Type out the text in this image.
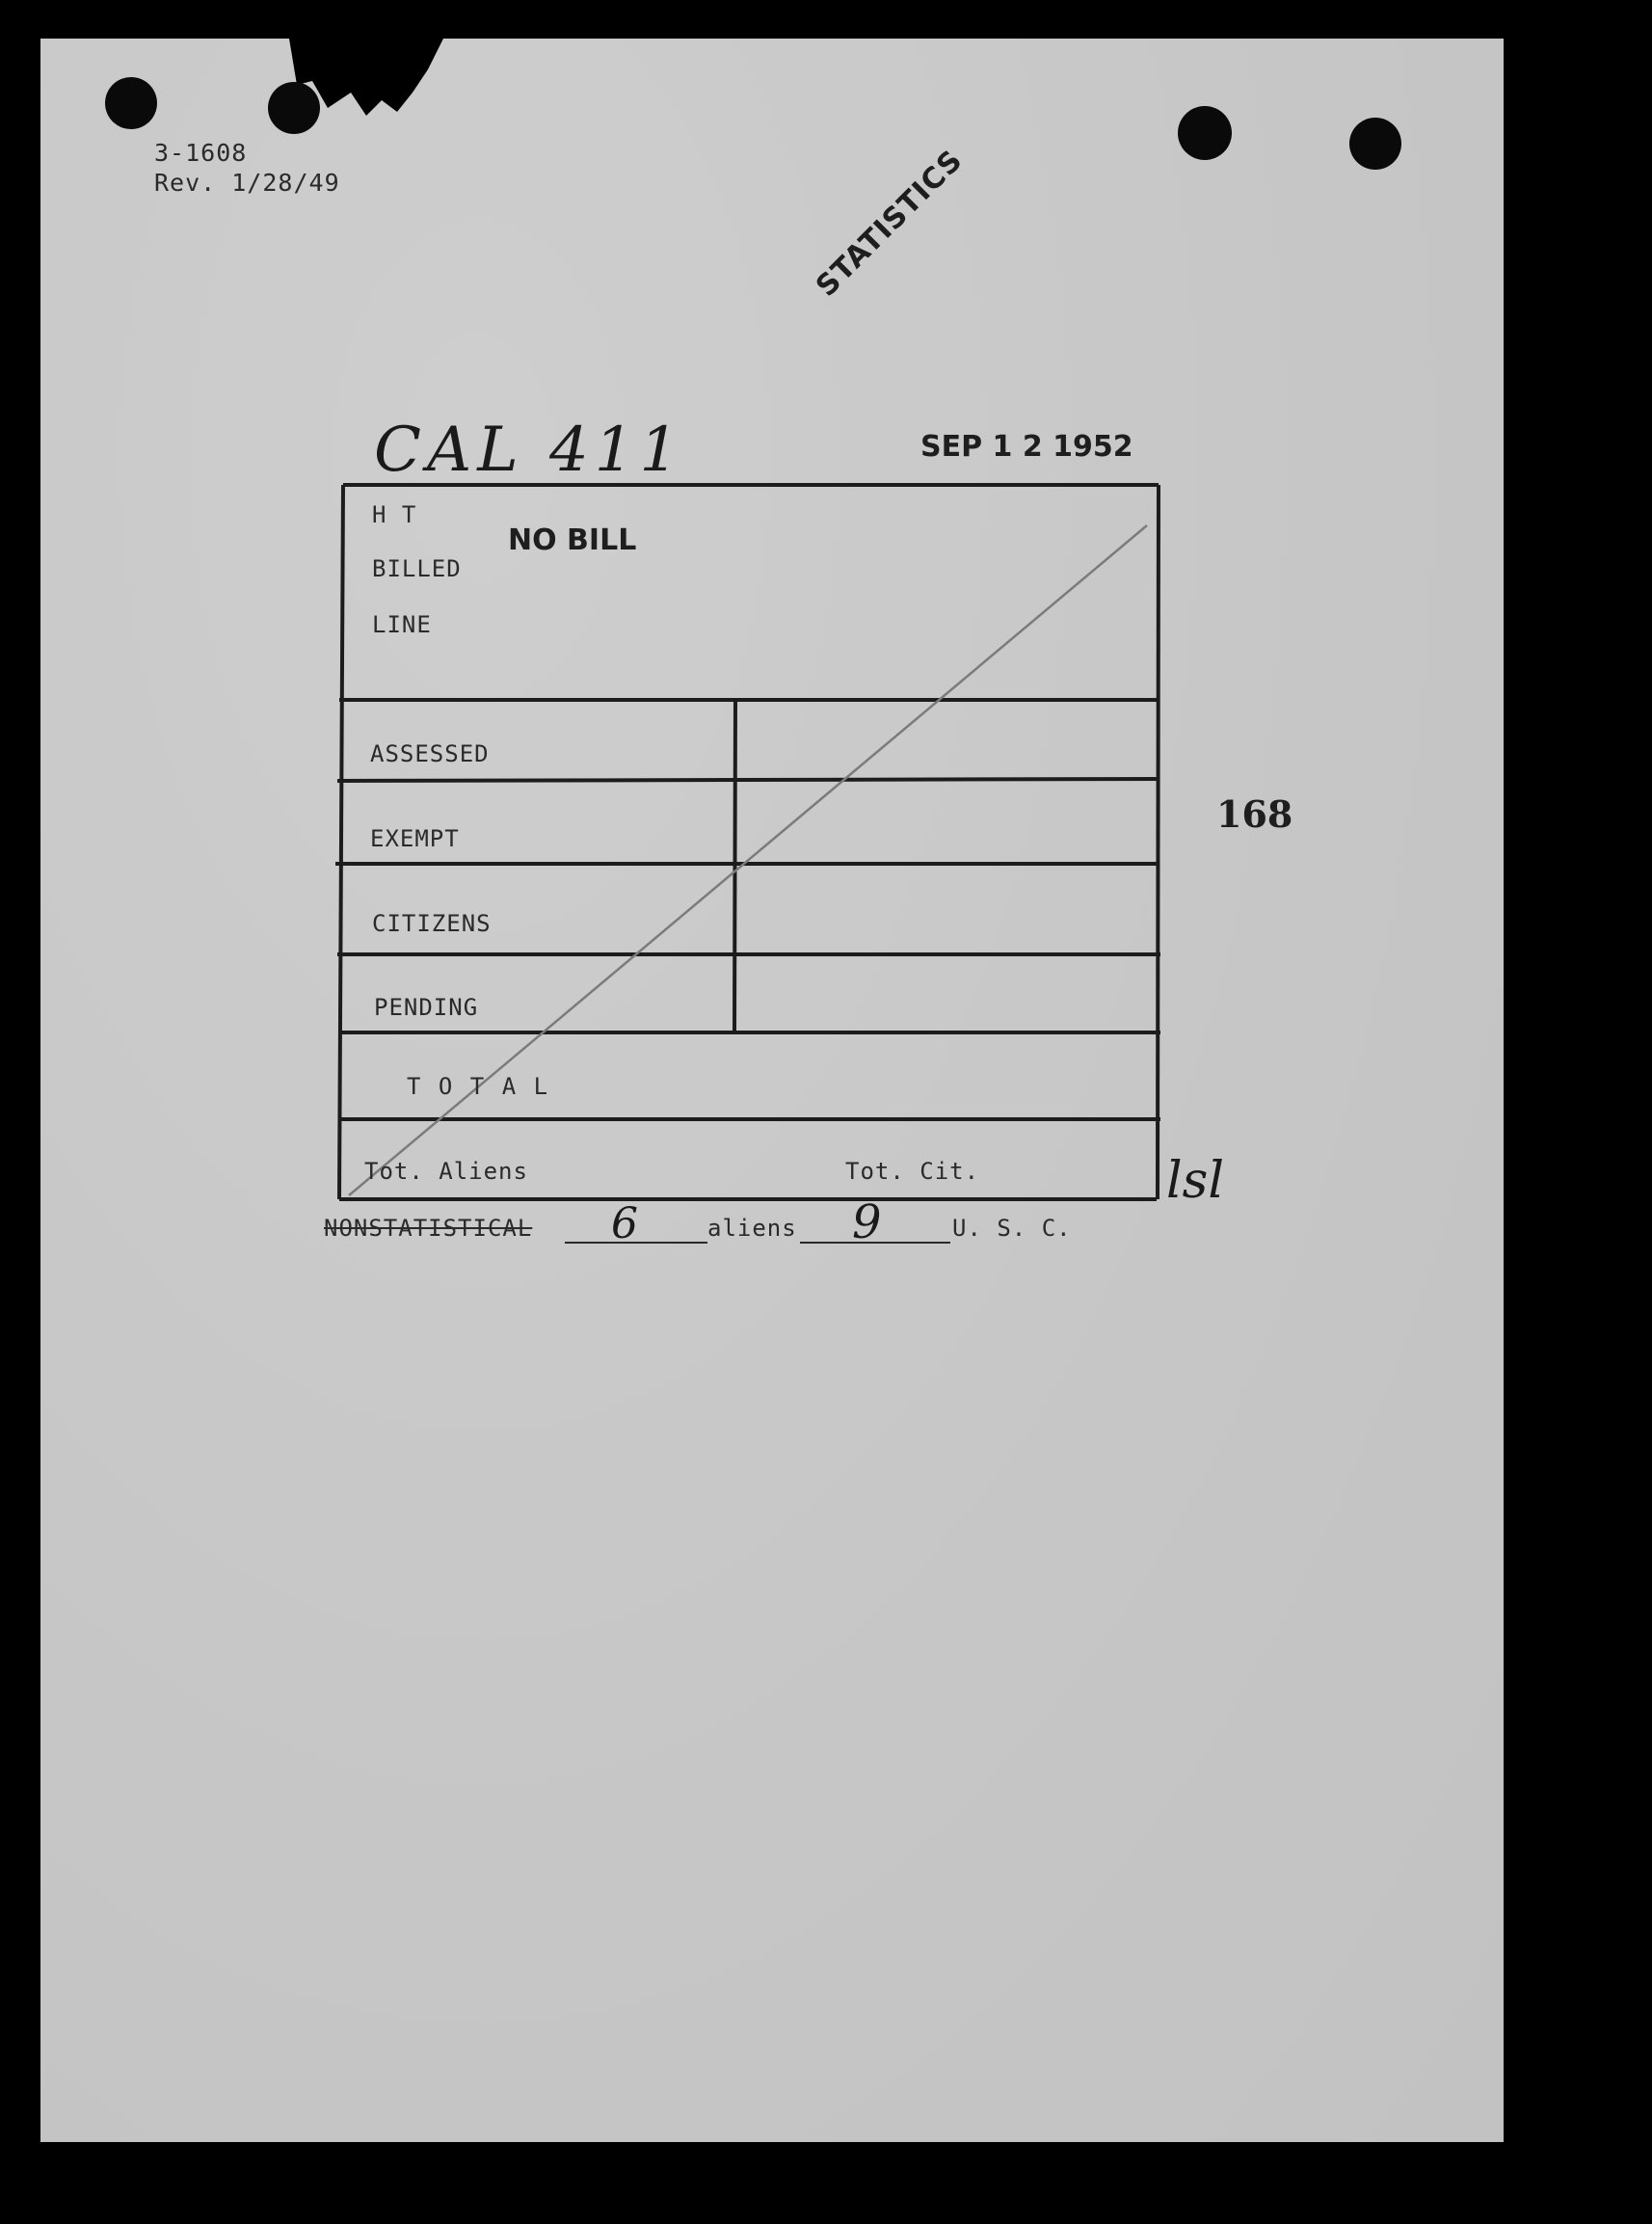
3-1608
Rev. 1/28/49	STATISTICS
CAL 411	SEP 1 2 1952
168
H T
BILLED
LINE
NO BILL
ASSESSED
EXEMPT
CITIZENS
PENDING
T O T A L
Tot. Aliens	Tot. Cit.	lsl
NONSTATISTICAL 6	aliens 9	U. S. C.
